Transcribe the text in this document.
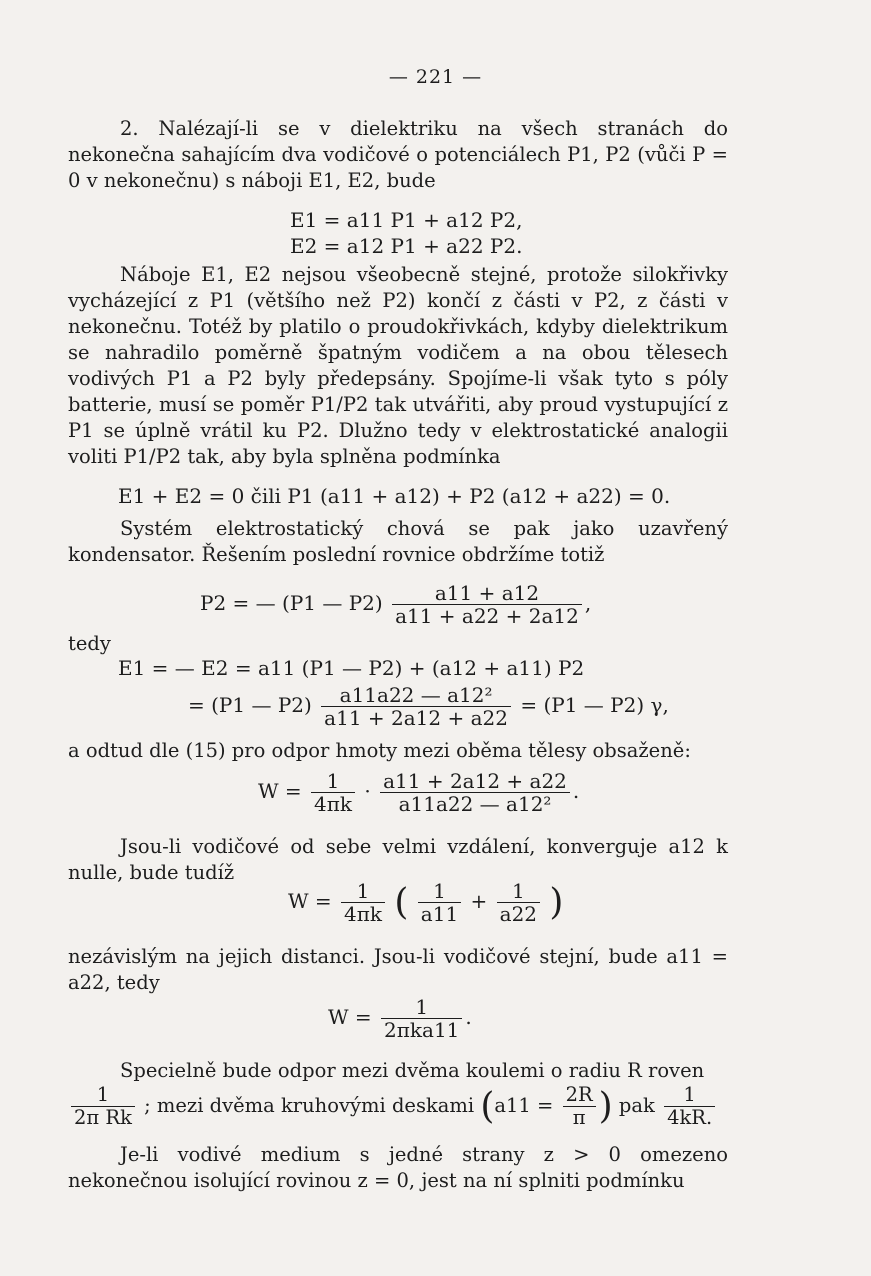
— 221 —
2. Nalézají-li se v dielektriku na všech stranách do nekonečna sahajícím dva vodičové o potenciálech P1, P2 (vůči P = 0 v nekonečnu) s náboji E1, E2, bude
E1 = a11 P1 + a12 P2,
E2 = a12 P1 + a22 P2.
Náboje E1, E2 nejsou všeobecně stejné, protože silokřivky vycházející z P1 (většího než P2) končí z části v P2, z části v nekonečnu. Totéž by platilo o proudokřivkách, kdyby dielektrikum se nahradilo poměrně špatným vodičem a na obou tělesech vodivých P1 a P2 byly předepsány. Spojíme-li však tyto s póly batterie, musí se poměr P1/P2 tak utvářiti, aby proud vystupující z P1 se úplně vrátil ku P2. Dlužno tedy v elektrostatické analogii voliti P1/P2 tak, aby byla splněna podmínka
E1 + E2 = 0 čili P1 (a11 + a12) + P2 (a12 + a22) = 0.
Systém elektrostatický chová se pak jako uzavřený kondensator. Řešením poslední rovnice obdržíme totiž
P2 = — (P1 — $P2) \frac{a11 + a12}{a11 + a22 + 2a12}$ ,
tedy
E1 = — E2 = a11 (P1 — P2) + (a12 + a11) P2
= (P1 — $P2) \frac{\text{a11a22 — a12²}}{a11 + 2a12 + a22} = (P1$ — P2) γ,
a odtud dle (15) pro odpor hmoty mezi oběma tělesy obsaženě:
$W = \frac{1}{4\pi k} \cdot \frac{a11 + 2a12 + a22}{\text{a11a22 — a12²}}$ .
Jsou-li vodičové od sebe velmi vzdálení, konverguje a12 k nulle, bude tudíž
$W = \frac{1}{4\pi k}$ ( $\frac{1}{a11} + \frac{1}{a22}$ )
nezávislým na jejich distanci. Jsou-li vodičové stejní, bude a11 = a22, tedy
$W = \frac{1}{\text{2πka11}}$ .
Specielně bude odpor mezi dvěma koulemi o radiu R roven
$\frac{1}{\text{2π Rk}}$ ; mezi dvěma kruhovými deskami ($a11 = \frac{2R}{\pi}$ ) pak $\frac{1}{4kR.}$
Je-li vodivé medium s jedné strany z > 0 omezeno nekonečnou isolující rovinou z = 0, jest na ní splniti podmínku
